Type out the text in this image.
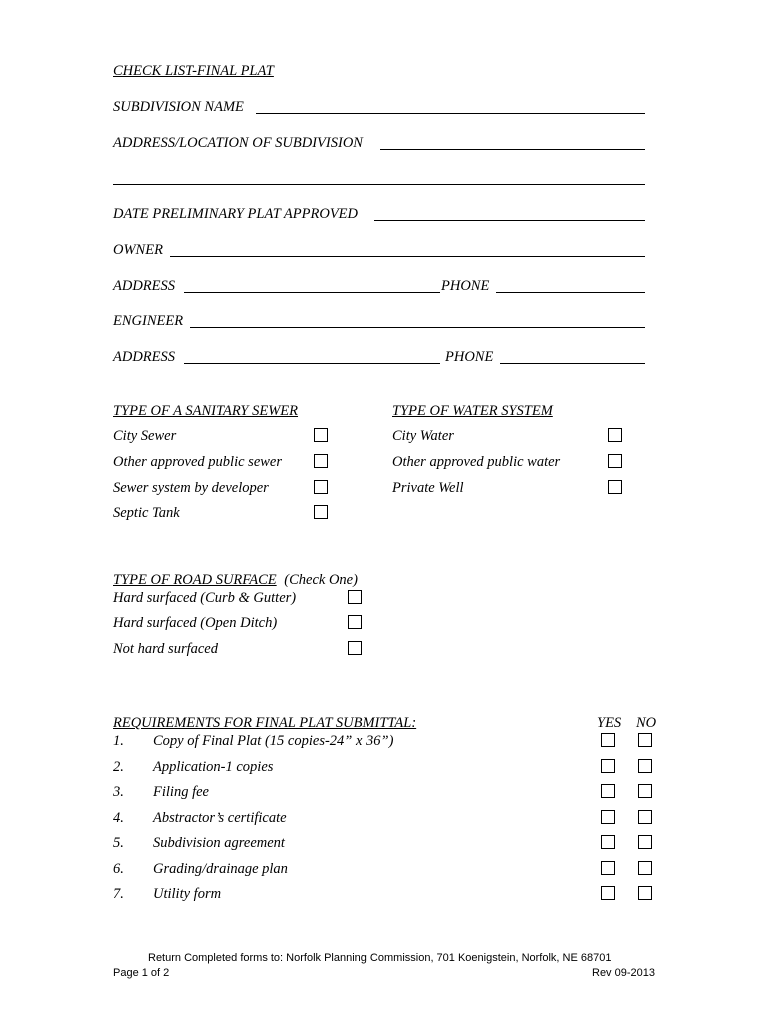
CHECK LIST-FINAL PLAT
SUBDIVISION NAME
ADDRESS/LOCATION OF SUBDIVISION
DATE PRELIMINARY PLAT APPROVED
OWNER
ADDRESS	PHONE
ENGINEER
ADDRESS	PHONE
TYPE OF A SANITARY SEWER
City Sewer
Other approved public sewer
Sewer system by developer
Septic Tank
TYPE OF WATER SYSTEM
City Water
Other approved public water
Private Well
TYPE OF ROAD SURFACE (Check One)
Hard surfaced (Curb & Gutter)
Hard surfaced (Open Ditch)
Not hard surfaced
REQUIREMENTS FOR FINAL PLAT SUBMITTAL:	YES NO
1. Copy of Final Plat (15 copies-24” x 36”)
2. Application-1 copies
3. Filing fee
4. Abstractor’s certificate
5. Subdivision agreement
6. Grading/drainage plan
7. Utility form
Return Completed forms to: Norfolk Planning Commission, 701 Koenigstein, Norfolk, NE 68701
Page 1 of 2	Rev 09-2013
